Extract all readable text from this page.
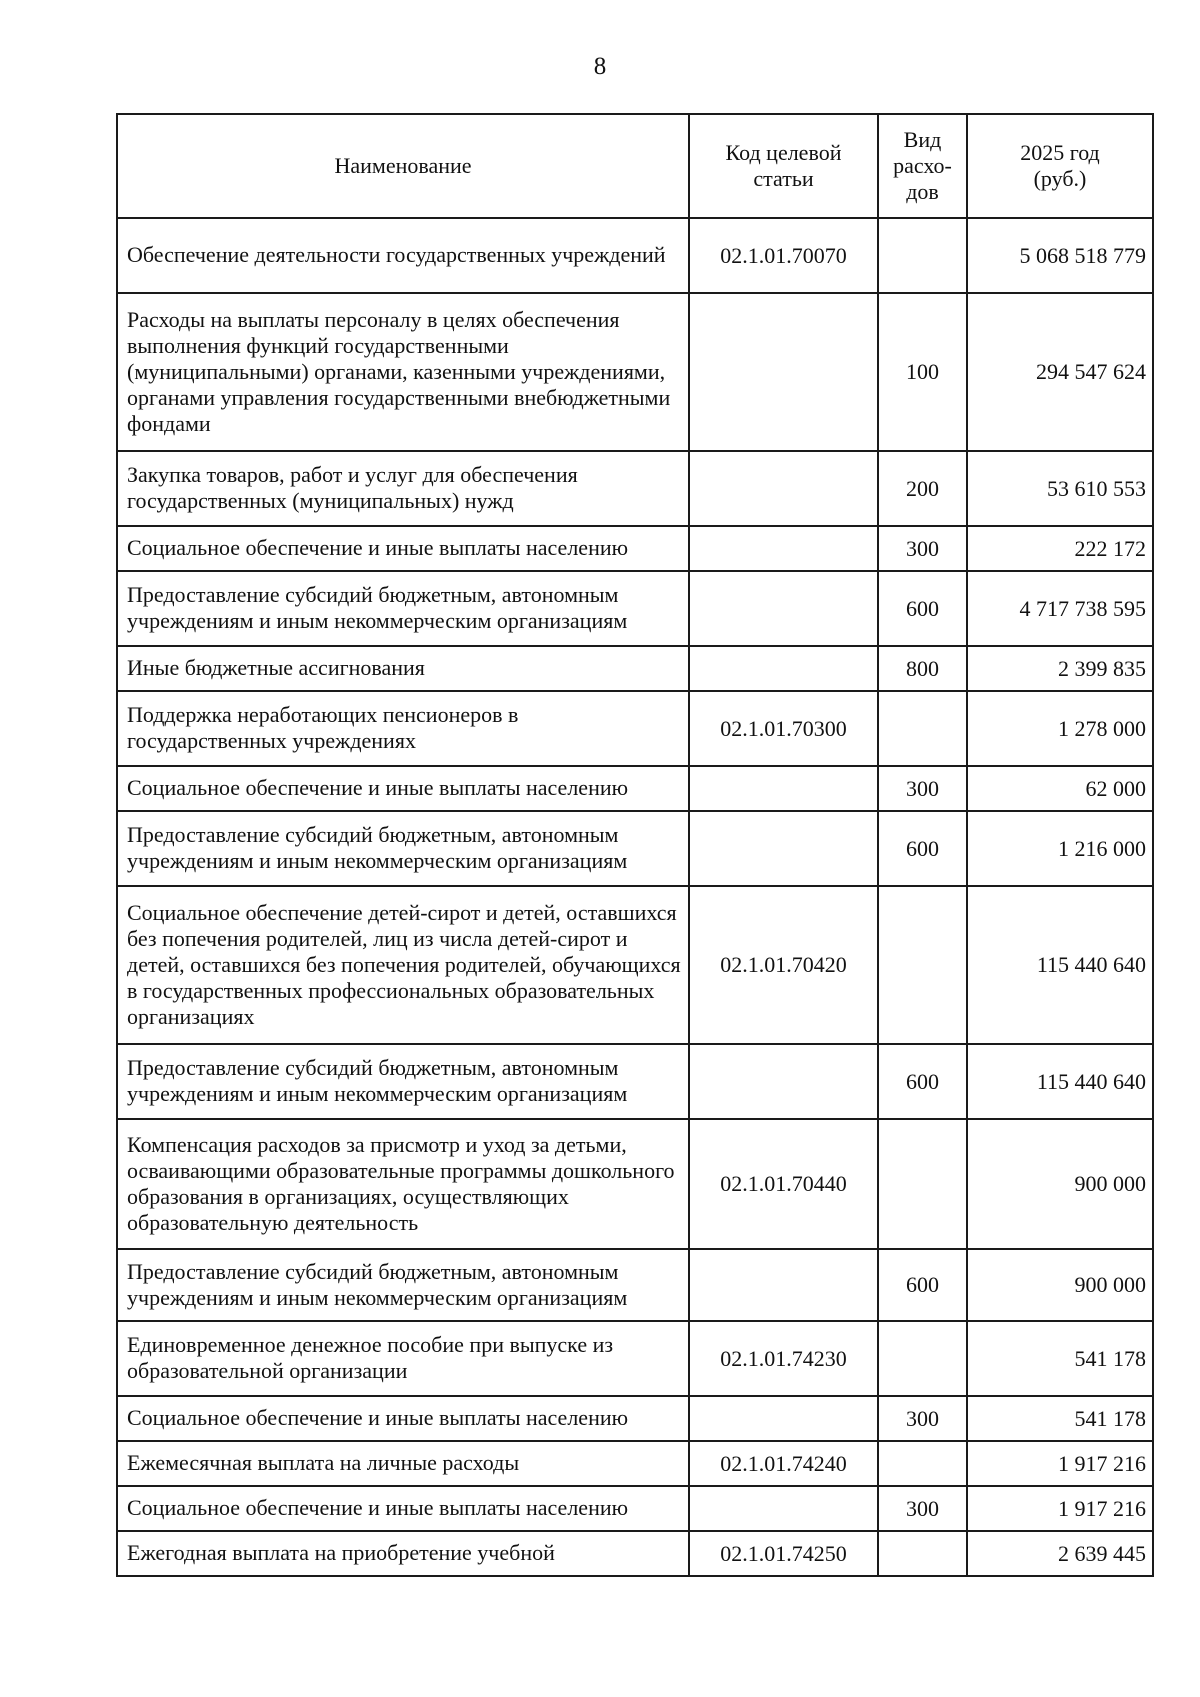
8
Наименование	Код целевой статьи	Вид расхо-дов	2025 год (руб.)
Обеспечение деятельности государственных учреждений	02.1.01.70070		5 068 518 779
Расходы на выплаты персоналу в целях обеспечения выполнения функций государственными (муниципальными) органами, казенными учреждениями, органами управления государственными внебюджетными фондами		100	294 547 624
Закупка товаров, работ и услуг для обеспечения государственных (муниципальных) нужд		200	53 610 553
Социальное обеспечение и иные выплаты населению		300	222 172
Предоставление субсидий бюджетным, автономным учреждениям и иным некоммерческим организациям		600	4 717 738 595
Иные бюджетные ассигнования		800	2 399 835
Поддержка неработающих пенсионеров в государственных учреждениях	02.1.01.70300		1 278 000
Социальное обеспечение и иные выплаты населению		300	62 000
Предоставление субсидий бюджетным, автономным учреждениям и иным некоммерческим организациям		600	1 216 000
Социальное обеспечение детей-сирот и детей, оставшихся без попечения родителей, лиц из числа детей-сирот и детей, оставшихся без попечения родителей, обучающихся в государственных профессиональных образовательных организациях	02.1.01.70420		115 440 640
Предоставление субсидий бюджетным, автономным учреждениям и иным некоммерческим организациям		600	115 440 640
Компенсация расходов за присмотр и уход за детьми, осваивающими образовательные программы дошкольного образования в организациях, осуществляющих образовательную деятельность	02.1.01.70440		900 000
Предоставление субсидий бюджетным, автономным учреждениям и иным некоммерческим организациям		600	900 000
Единовременное денежное пособие при выпуске из образовательной организации	02.1.01.74230		541 178
Социальное обеспечение и иные выплаты населению		300	541 178
Ежемесячная выплата на личные расходы	02.1.01.74240		1 917 216
Социальное обеспечение и иные выплаты населению		300	1 917 216
Ежегодная выплата на приобретение учебной	02.1.01.74250		2 639 445
